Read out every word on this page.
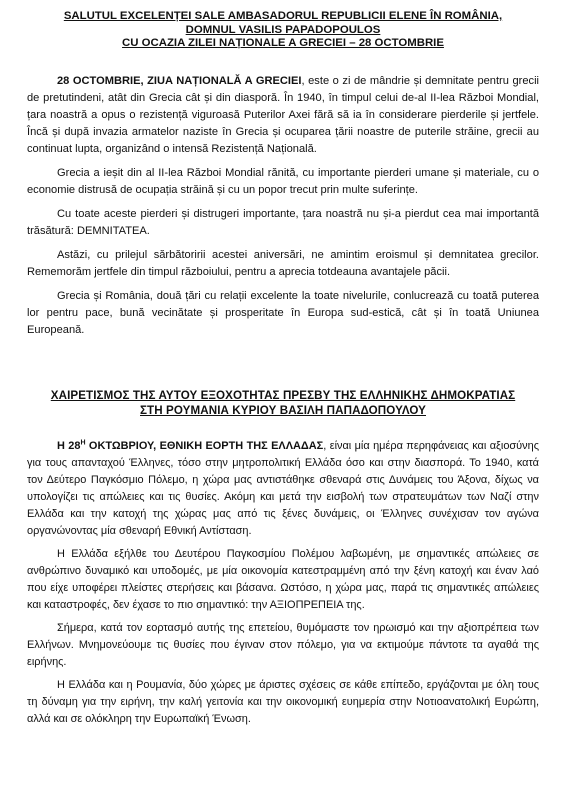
SALUTUL EXCELENȚEI SALE AMBASADORUL REPUBLICII ELENE ÎN ROMÂNIA,
DOMNUL VASILIS PAPADOPOULOS
CU OCAZIA ZILEI NAȚIONALE A GRECIEI – 28 OCTOMBRIE

28 OCTOMBRIE, ZIUA NAȚIONALĂ A GRECIEI, este o zi de mândrie și demnitate pentru grecii de pretutindeni, atât din Grecia cât și din diasporă. În 1940, în timpul celui de-al II-lea Război Mondial, țara noastră a opus o rezistență viguroasă Puterilor Axei fără să ia în considerare pierderile și jertfele. Încă și după invazia armatelor naziste în Grecia și ocuparea țării noastre de puterile străine, grecii au continuat lupta, organizând o intensă Rezistență Națională.

Grecia a ieșit din al II-lea Război Mondial rănită, cu importante pierderi umane și materiale, cu o economie distrusă de ocupația străină și cu un popor trecut prin multe suferințe.

Cu toate aceste pierderi și distrugeri importante, țara noastră nu și-a pierdut cea mai importantă trăsătură: DEMNITATEA.

Astăzi, cu prilejul sărbătoririi acestei aniversări, ne amintim eroismul și demnitatea grecilor. Rememorăm jertfele din timpul războiului, pentru a aprecia totdeauna avantajele păcii.

Grecia și România, două țări cu relații excelente la toate nivelurile, conlucrează cu toată puterea lor pentru pace, bună vecinătate și prosperitate în Europa sud-estică, cât și în toată Uniunea Europeană.

ΧΑΙΡΕΤΙΣΜΟΣ ΤΗΣ ΑΥΤΟΥ ΕΞΟΧΟΤΗΤΑΣ ΠΡΕΣΒΥ ΤΗΣ ΕΛΛΗΝΙΚΗΣ ΔΗΜΟΚΡΑΤΙΑΣ
ΣΤΗ ΡΟΥΜΑΝΙΑ ΚΥΡΙΟΥ ΒΑΣΙΛΗ ΠΑΠΑΔΟΠΟΥΛΟΥ

Η $28^H$ ΟΚΤΩΒΡΙΟΥ, ΕΘΝΙΚΗ ΕΟΡΤΗ ΤΗΣ ΕΛΛΑΔΑΣ, είναι μία ημέρα περηφάνειας και αξιοσύνης για τους απανταχού Έλληνες, τόσο στην μητροπολιτική Ελλάδα όσο και στην διασπορά. Το 1940, κατά τον Δεύτερο Παγκόσμιο Πόλεμο, η χώρα μας αντιστάθηκε σθεναρά στις Δυνάμεις του Άξονα, δίχως να υπολογίζει τις απώλειες και τις θυσίες. Ακόμη και μετά την εισβολή των στρατευμάτων των Ναζί στην Ελλάδα και την κατοχή της χώρας μας από τις ξένες δυνάμεις, οι Έλληνες συνέχισαν τον αγώνα οργανώνοντας μία σθεναρή Εθνική Αντίσταση.

Η Ελλάδα εξήλθε του Δευτέρου Παγκοσμίου Πολέμου λαβωμένη, με σημαντικές απώλειες σε ανθρώπινο δυναμικό και υποδομές, με μία οικονομία κατεστραμμένη από την ξένη κατοχή και έναν λαό που είχε υποφέρει πλείστες στερήσεις και βάσανα. Ωστόσο, η χώρα μας, παρά τις σημαντικές απώλειες και καταστροφές, δεν έχασε το πιο σημαντικό: την ΑΞΙΟΠΡΕΠΕΙΑ της.

Σήμερα, κατά τον εορτασμό αυτής της επετείου, θυμόμαστε τον ηρωισμό και την αξιοπρέπεια των Ελλήνων. Μνημονεύουμε τις θυσίες που έγιναν στον πόλεμο, για να εκτιμούμε πάντοτε τα αγαθά της ειρήνης.

Η Ελλάδα και η Ρουμανία, δύο χώρες με άριστες σχέσεις σε κάθε επίπεδο, εργάζονται με όλη τους τη δύναμη για την ειρήνη, την καλή γειτονία και την οικονομική ευημερία στην Νοτιοανατολική Ευρώπη, αλλά και σε ολόκληρη την Ευρωπαϊκή Ένωση.
